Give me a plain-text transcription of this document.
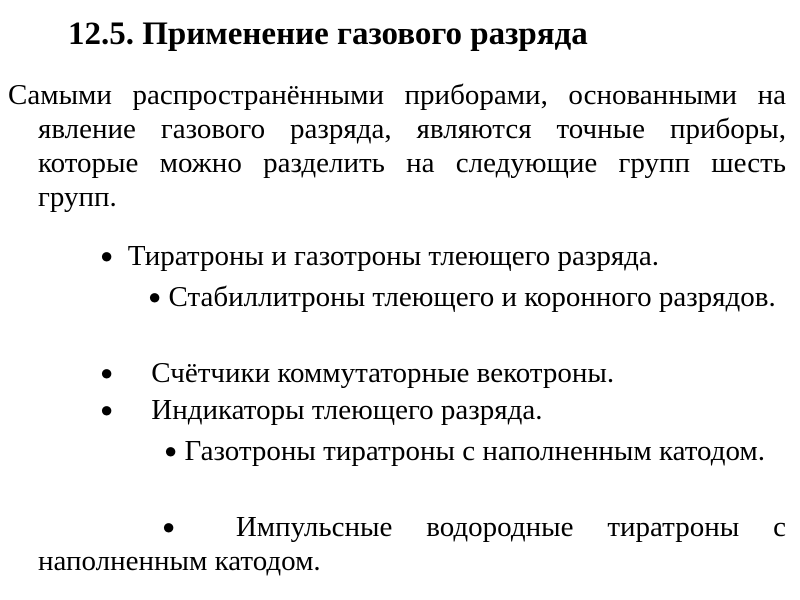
12.5. Применение газового разряда

Самыми распространёнными приборами, основанными на явление газового разряда, являются точные приборы, которые можно разделить на следующие групп шесть групп.

● Тиратроны и газотроны тлеющего разряда.

● Стабиллитроны тлеющего и коронного разрядов.

● Счётчики коммутаторные векотроны.
● Индикаторы тлеющего разряда.

● Газотроны тиратроны с наполненным катодом.

● Импульсные водородные тиратроны с наполненным катодом.
